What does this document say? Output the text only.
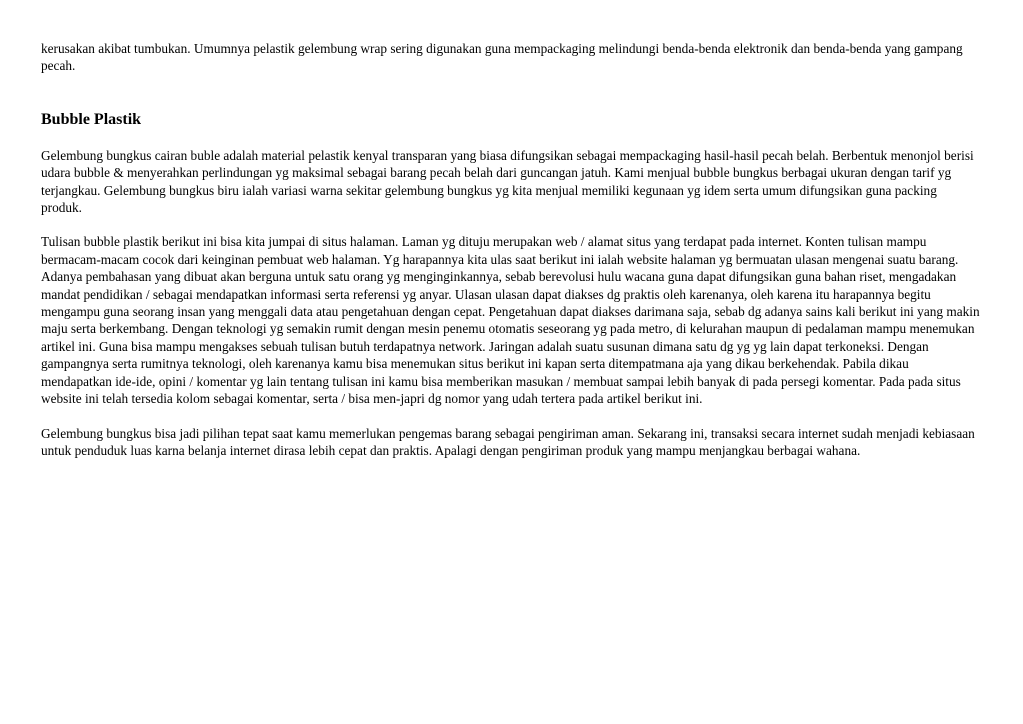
kerusakan akibat tumbukan. Umumnya pelastik gelembung wrap sering digunakan guna mempackaging melindungi benda-benda elektronik dan benda-benda yang gampang pecah.

Bubble Plastik

Gelembung bungkus cairan buble adalah material pelastik kenyal transparan yang biasa difungsikan sebagai mempackaging hasil-hasil pecah belah. Berbentuk menonjol berisi udara bubble & menyerahkan perlindungan yg maksimal sebagai barang pecah belah dari guncangan jatuh. Kami menjual bubble bungkus berbagai ukuran dengan tarif yg terjangkau. Gelembung bungkus biru ialah variasi warna sekitar gelembung bungkus yg kita menjual memiliki kegunaan yg idem serta umum difungsikan guna packing produk.

Tulisan bubble plastik berikut ini bisa kita jumpai di situs halaman. Laman yg dituju merupakan web / alamat situs yang terdapat pada internet. Konten tulisan mampu bermacam-macam cocok dari keinginan pembuat web halaman. Yg harapannya kita ulas saat berikut ini ialah website halaman yg bermuatan ulasan mengenai suatu barang. Adanya pembahasan yang dibuat akan berguna untuk satu orang yg menginginkannya, sebab berevolusi hulu wacana guna dapat difungsikan guna bahan riset, mengadakan mandat pendidikan / sebagai mendapatkan informasi serta referensi yg anyar. Ulasan ulasan dapat diakses dg praktis oleh karenanya, oleh karena itu harapannya begitu mengampu guna seorang insan yang menggali data atau pengetahuan dengan cepat. Pengetahuan dapat diakses darimana saja, sebab dg adanya sains kali berikut ini yang makin maju serta berkembang. Dengan teknologi yg semakin rumit dengan mesin penemu otomatis seseorang yg pada metro, di kelurahan maupun di pedalaman mampu menemukan artikel ini. Guna bisa mampu mengakses sebuah tulisan butuh terdapatnya network. Jaringan adalah suatu susunan dimana satu dg yg yg lain dapat terkoneksi. Dengan gampangnya serta rumitnya teknologi, oleh karenanya kamu bisa menemukan situs berikut ini kapan serta ditempatmana aja yang dikau berkehendak. Pabila dikau mendapatkan ide-ide, opini / komentar yg lain tentang tulisan ini kamu bisa memberikan masukan / membuat sampai lebih banyak di pada persegi komentar. Pada pada situs website ini telah tersedia kolom sebagai komentar, serta / bisa men-japri dg nomor yang udah tertera pada artikel berikut ini.

Gelembung bungkus bisa jadi pilihan tepat saat kamu memerlukan pengemas barang sebagai pengiriman aman. Sekarang ini, transaksi secara internet sudah menjadi kebiasaan untuk penduduk luas karna belanja internet dirasa lebih cepat dan praktis. Apalagi dengan pengiriman produk yang mampu menjangkau berbagai wahana.
